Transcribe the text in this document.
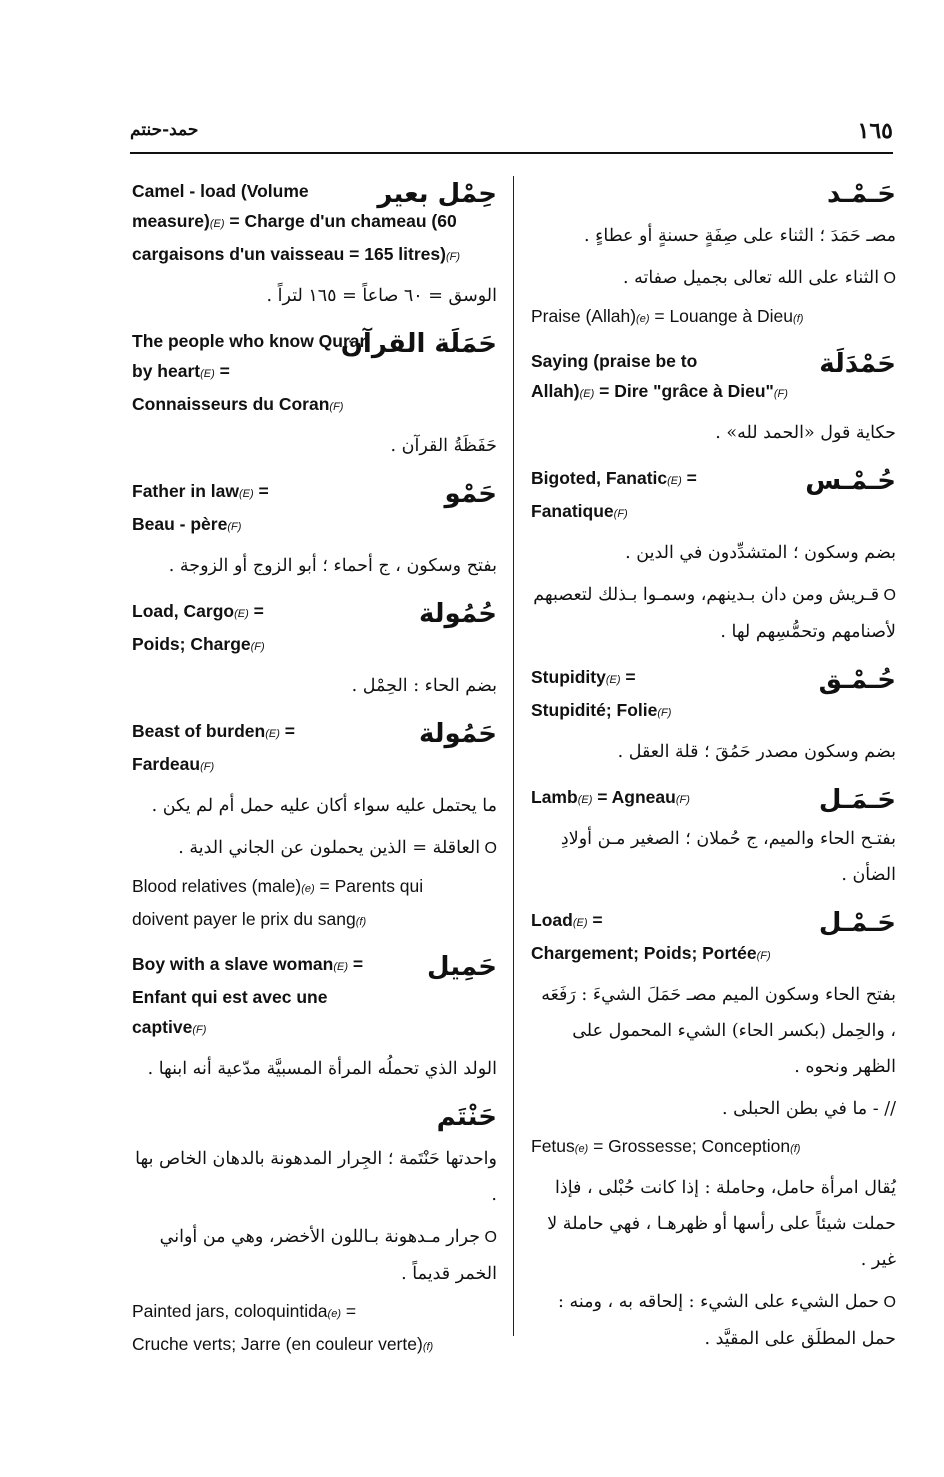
حمد-حنتم	١٦٥
حِمْل بعير

Camel - load (Volume

measure)(E) = Charge d'un chameau (60

cargaisons d'un vaisseau = 165 litres)(F)

الوسق = ٦٠ صاعاً = ١٦٥ لتراً .

حَمَلَة القرآن

The people who know Quran

by heart(E) =

Connaisseurs du Coran(F)

حَفَظَةُ القرآن .

حَمْو

Father in law(E) =

Beau - père(F)

بفتح وسكون ، ج أحماء ؛ أبو الزوج أو الزوجة .

حُمُولة

Load, Cargo(E) =

Poids; Charge(F)

بضم الحاء : الحِمْل .

حَمُولة

Beast of burden(E) =

Fardeau(F)

ما يحتمل عليه سواء أكان عليه حمل أم لم يكن .

O العاقلة = الذين يحملون عن الجاني الدية .

Blood relatives (male)(e) = Parents qui

doivent payer le prix du sang(f)

حَمِيل

Boy with a slave woman(E) =

Enfant qui est avec une

captive(F)

الولد الذي تحملُه المرأة المسبيَّة مدّعية أنه ابنها .

حَنْتَم

واحدتها حَنْتَمة ؛ الجِرار المدهونة بالدهان الخاص بها .

O جرار مـدهونة بـاللون الأخضر، وهي من أواني الخمر قديماً .

Painted jars, coloquintida(e) =

Cruche verts; Jarre (en couleur verte)(f)

حَـمْـد

مصـ حَمَدَ ؛ الثناء على صِفَةٍ حسنةٍ أو عطاءٍ .

O الثناء على الله تعالى بجميل صفاته .

Praise (Allah)(e) = Louange à Dieu(f)

حَمْدَلَة

Saying (praise be to

Allah)(E) = Dire "grâce à Dieu"(F)

حكاية قول «الحمد لله» .

حُـمْـس

Bigoted, Fanatic(E) =

Fanatique(F)

بضم وسكون ؛ المتشدِّدون في الدين .

O قـريش ومن دان بـدينهم، وسمـوا بـذلك لتعصبهم لأصنامهم وتحمُّسِهم لها .

حُـمْـق

Stupidity(E) =

Stupidité; Folie(F)

بضم وسكون مصدر حَمُقَ ؛ قلة العقل .

حَـمَـل

Lamb(E) = Agneau(F)

بفتـح الحاء والميم، ج حُملان ؛ الصغير مـن أولادِ الضأن .

حَـمْـل

Load(E) =

Chargement; Poids; Portée(F)

بفتح الحاء وسكون الميم مصـ حَمَلَ الشيءَ : رَفَعَه ، والحِمل (بكسر الحاء) الشيء المحمول على الظهر ونحوه .

// - ما في بطن الحبلى .

Fetus(e) = Grossesse; Conception(f)

يُقال امرأة حامل، وحاملة : إذا كانت حُبْلى ، فإذا حملت شيئاً على رأسها أو ظهرهـا ، فهي حاملة لا غير .

O حمل الشيء على الشيء : إلحاقه به ، ومنه : حمل المطلَق على المقيَّد .
